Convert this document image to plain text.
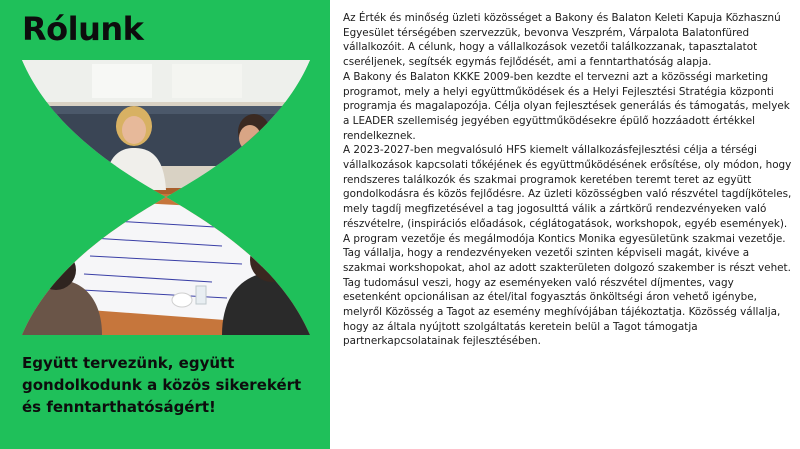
Rólunk

Együtt tervezünk, együtt gondolkodunk a közös sikerekért és fenntarthatóságért!

Az Érték és minőség üzleti közösséget a Bakony és Balaton Keleti Kapuja Közhasznú Egyesület térségében szervezzük, bevonva Veszprém, Várpalota Balatonfüred vállalkozóit. A célunk, hogy a vállalkozások vezetői találkozzanak, tapasztalatot cseréljenek, segítsék egymás fejlődését, ami a fenntarthatóság alapja.

A Bakony és Balaton KKKE 2009-ben kezdte el tervezni azt a közösségi marketing programot, mely a helyi együttműködések és a Helyi Fejlesztési Stratégia központi programja és magalapozója. Célja olyan fejlesztések generálás és támogatás, melyek a LEADER szellemiség jegyében együttműködésekre épülő hozzáadott értékkel rendelkeznek.

A 2023-2027-ben megvalósuló HFS kiemelt vállalkozásfejlesztési célja a térségi vállalkozások kapcsolati tőkéjének és együttműködésének erősítése, oly módon, hogy rendszeres találkozók és szakmai programok keretében teremt teret az együtt gondolkodásra és közös fejlődésre. Az üzleti közösségben való részvétel tagdíjköteles, mely tagdíj megfizetésével a tag jogosulttá válik a zártkörű rendezvényeken való részvételre, (inspirációs előadások, céglátogatások, workshopok, egyéb események).

A program vezetője és megálmodója Kontics Monika egyesületünk szakmai vezetője. Tag vállalja, hogy a rendezvényeken vezetői szinten képviseli magát, kivéve a szakmai workshopokat, ahol az adott szakterületen dolgozó szakember is részt vehet.

Tag tudomásul veszi, hogy az eseményeken való részvétel díjmentes, vagy esetenként opcionálisan az étel/ital fogyasztás önköltségi áron vehető igénybe, melyről Közösség a Tagot az esemény meghívójában tájékoztatja. Közösség vállalja, hogy az általa nyújtott szolgáltatás keretein belül a Tagot támogatja partnerkapcsolatainak fejlesztésében.
